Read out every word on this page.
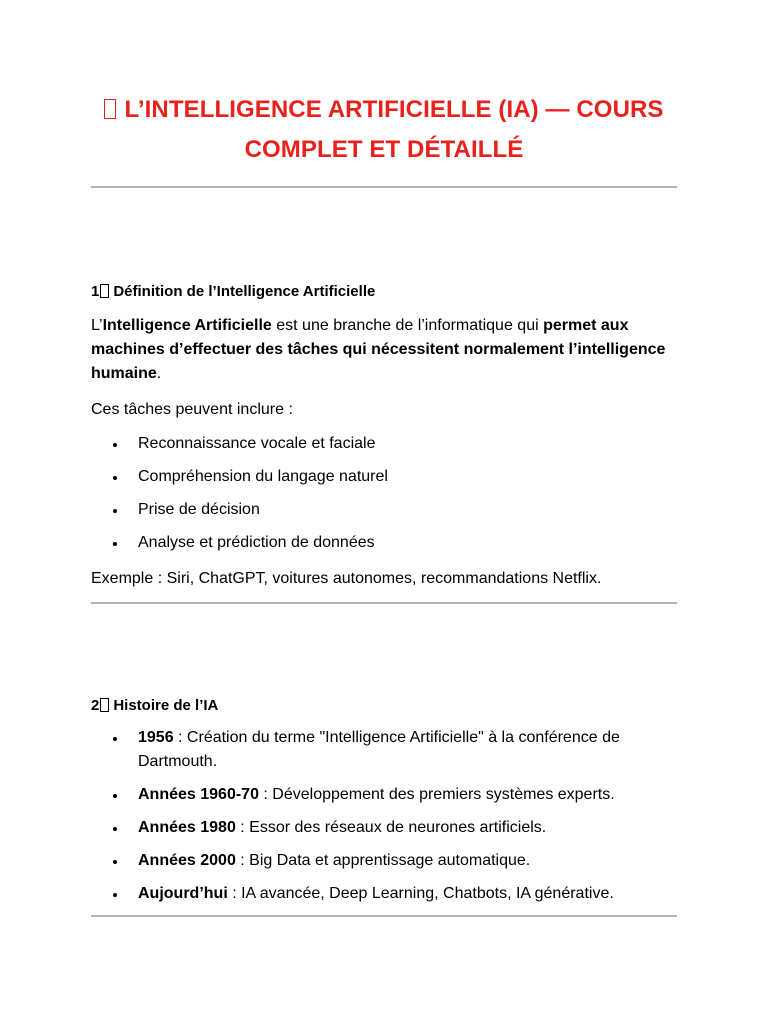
L’INTELLIGENCE ARTIFICIELLE (IA) — COURS
COMPLET ET DÉTAILLÉ
1 Définition de l’Intelligence Artificielle

L’Intelligence Artificielle est une branche de l’informatique qui permet aux machines d’effectuer des tâches qui nécessitent normalement l’intelligence humaine.

Ces tâches peuvent inclure :

Reconnaissance vocale et faciale
Compréhension du langage naturel
Prise de décision
Analyse et prédiction de données

Exemple : Siri, ChatGPT, voitures autonomes, recommandations Netflix.

2 Histoire de l’IA
1956 : Création du terme "Intelligence Artificielle" à la conférence de Dartmouth.
Années 1960-70 : Développement des premiers systèmes experts.
Années 1980 : Essor des réseaux de neurones artificiels.
Années 2000 : Big Data et apprentissage automatique.
Aujourd’hui : IA avancée, Deep Learning, Chatbots, IA générative.
